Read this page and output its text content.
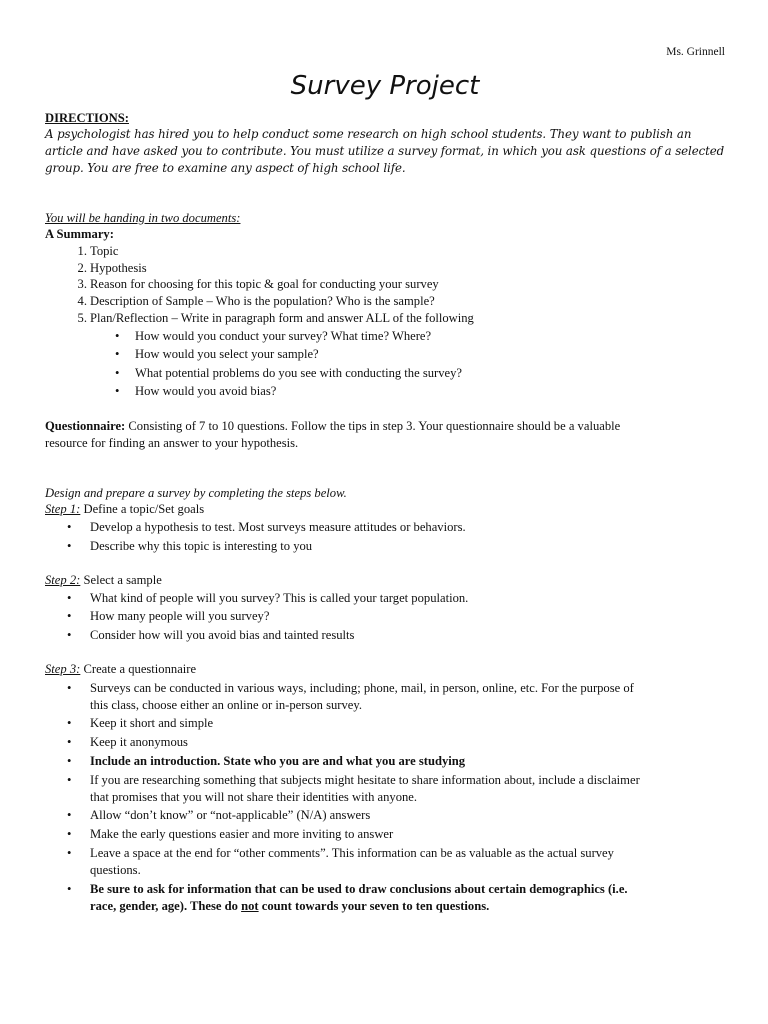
Ms. Grinnell
Survey Project
DIRECTIONS:
A psychologist has hired you to help conduct some research on high school students. They want to publish an article and have asked you to contribute. You must utilize a survey format, in which you ask questions of a selected group. You are free to examine any aspect of high school life.
You will be handing in two documents:
A Summary:
1. Topic
2. Hypothesis
3. Reason for choosing for this topic & goal for conducting your survey
4. Description of Sample – Who is the population? Who is the sample?
5. Plan/Reflection – Write in paragraph form and answer ALL of the following
• How would you conduct your survey? What time? Where?
• How would you select your sample?
• What potential problems do you see with conducting the survey?
• How would you avoid bias?
Questionnaire: Consisting of 7 to 10 questions. Follow the tips in step 3. Your questionnaire should be a valuable
resource for finding an answer to your hypothesis.
Design and prepare a survey by completing the steps below.
Step 1: Define a topic/Set goals
• Develop a hypothesis to test. Most surveys measure attitudes or behaviors.
• Describe why this topic is interesting to you
Step 2: Select a sample
• What kind of people will you survey? This is called your target population.
• How many people will you survey?
• Consider how will you avoid bias and tainted results
Step 3: Create a questionnaire
• Surveys can be conducted in various ways, including; phone, mail, in person, online, etc. For the purpose of
this class, choose either an online or in-person survey.
• Keep it short and simple
• Keep it anonymous
• Include an introduction. State who you are and what you are studying
• If you are researching something that subjects might hesitate to share information about, include a disclaimer
that promises that you will not share their identities with anyone.
• Allow “don’t know” or “not-applicable” (N/A) answers
• Make the early questions easier and more inviting to answer
• Leave a space at the end for “other comments”. This information can be as valuable as the actual survey
questions.
• Be sure to ask for information that can be used to draw conclusions about certain demographics (i.e.
race, gender, age). These do not count towards your seven to ten questions.
